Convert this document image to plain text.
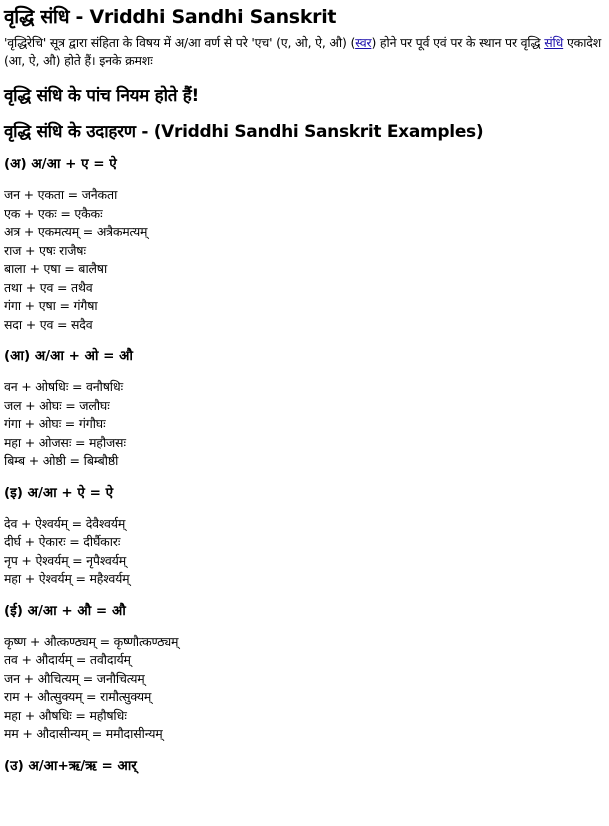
वृद्धि संधि - Vriddhi Sandhi Sanskrit

'वृद्धिरेचि' सूत्र द्वारा संहिता के विषय में अ/आ वर्ण से परे 'एच' (ए, ओ, ऐ, औ) (स्वर) होने पर पूर्व एवं पर के स्थान पर वृद्धि संधि एकादेश (आ, ऐ, औ) होते हैं। इनके क्रमशः

वृद्धि संधि के पांच नियम होते हैं!
वृद्धि संधि के उदाहरण - (Vriddhi Sandhi Sanskrit Examples)
(अ) अ/आ + ए = ऐ
जन + एकता = जनैकता
एक + एकः = एकैकः
अत्र + एकमत्यम् = अत्रैकमत्यम्
राज + एषः राजैषः
बाला + एषा = बालैषा
तथा + एव = तथैव
गंगा + एषा = गंगैषा
सदा + एव = सदैव
(आ) अ/आ + ओ = औ
वन + ओषधिः = वनौषधिः
जल + ओघः = जलौघः
गंगा + ओघः = गंगौघः
महा + ओजसः = महौजसः
बिम्ब + ओष्ठी = बिम्बौष्ठी
(इ) अ/आ + ऐ = ऐ
देव + ऐश्वर्यम् = देवैश्वर्यम्
दीर्घ + ऐकारः = दीर्घैकारः
नृप + ऐश्वर्यम् = नृपैश्वर्यम्
महा + ऐश्वर्यम् = महैश्वर्यम्
(ई) अ/आ + औ = औ
कृष्ण + औत्कण्ठ्यम् = कृष्णौत्कण्ठ्यम्
तव + औदार्यम् = तवौदार्यम्
जन + औचित्यम् = जनौचित्यम्
राम + औत्सुक्यम् = रामौत्सुक्यम्
महा + औषधिः = महौषधिः
मम + औदासीन्यम् = ममौदासीन्यम्
(उ) अ/आ+ऋ/ऋ = आर्
